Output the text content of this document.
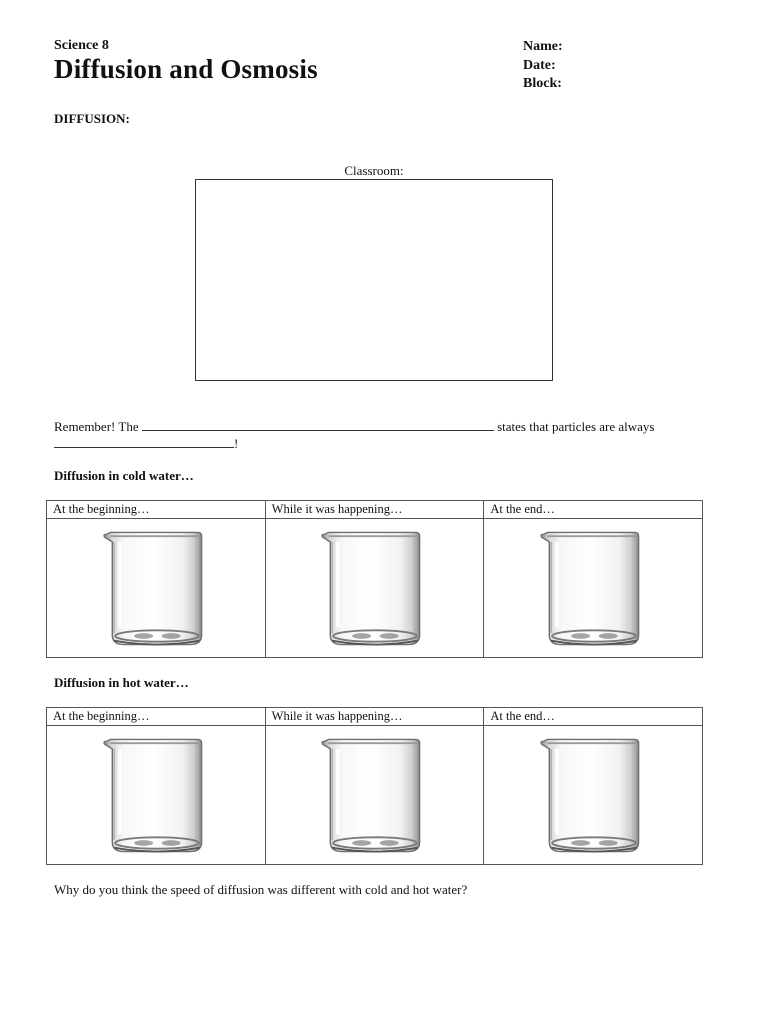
Science 8
Diffusion and Osmosis
Name:
Date:
Block:
DIFFUSION:
Classroom:
Remember! The	states that particles are always
!
Diffusion in cold water…
At the beginning…	While it was happening…	At the end…

Diffusion in hot water…
At the beginning…	While it was happening…	At the end…

Why do you think the speed of diffusion was different with cold and hot water?
